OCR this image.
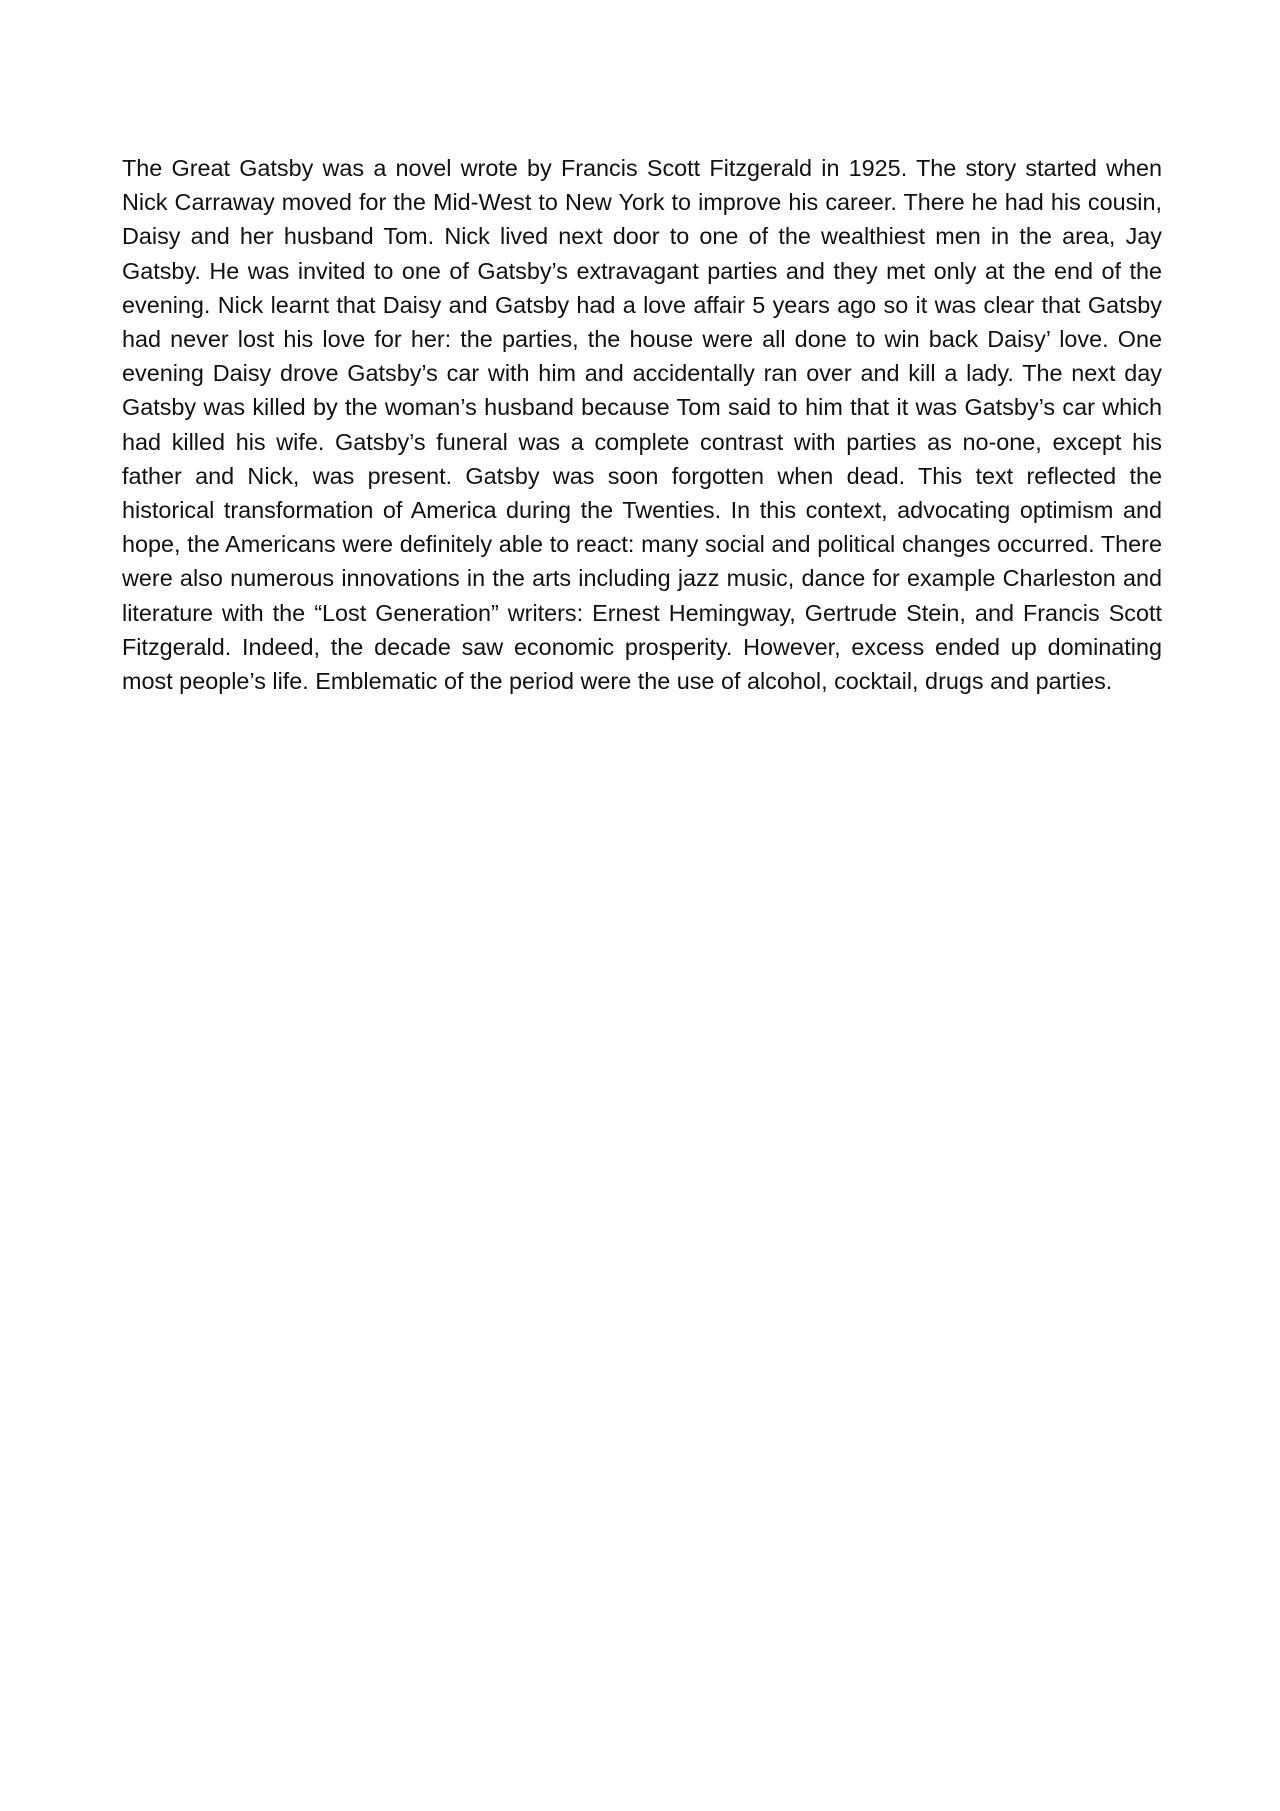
The Great Gatsby was a novel wrote by Francis Scott Fitzgerald in 1925. The story started when Nick Carraway moved for the Mid-West to New York to improve his career. There he had his cousin, Daisy and her husband Tom. Nick lived next door to one of the wealthiest men in the area, Jay Gatsby. He was invited to one of Gatsby’s extravagant parties and they met only at the end of the evening. Nick learnt that Daisy and Gatsby had a love affair 5 years ago so it was clear that Gatsby had never lost his love for her: the parties, the house were all done to win back Daisy’ love. One evening Daisy drove Gatsby’s car with him and accidentally ran over and kill a lady. The next day Gatsby was killed by the woman’s husband because Tom said to him that it was Gatsby’s car which had killed his wife. Gatsby’s funeral was a complete contrast with parties as no-one, except his father and Nick, was present. Gatsby was soon forgotten when dead. This text reflected the historical transformation of America during the Twenties. In this context, advocating optimism and hope, the Americans were definitely able to react: many social and political changes occurred. There were also numerous innovations in the arts including jazz music, dance for example Charleston and literature with the “Lost Generation” writers: Ernest Hemingway, Gertrude Stein, and Francis Scott Fitzgerald. Indeed, the decade saw economic prosperity. However, excess ended up dominating most people’s life. Emblematic of the period were the use of alcohol, cocktail, drugs and parties.
